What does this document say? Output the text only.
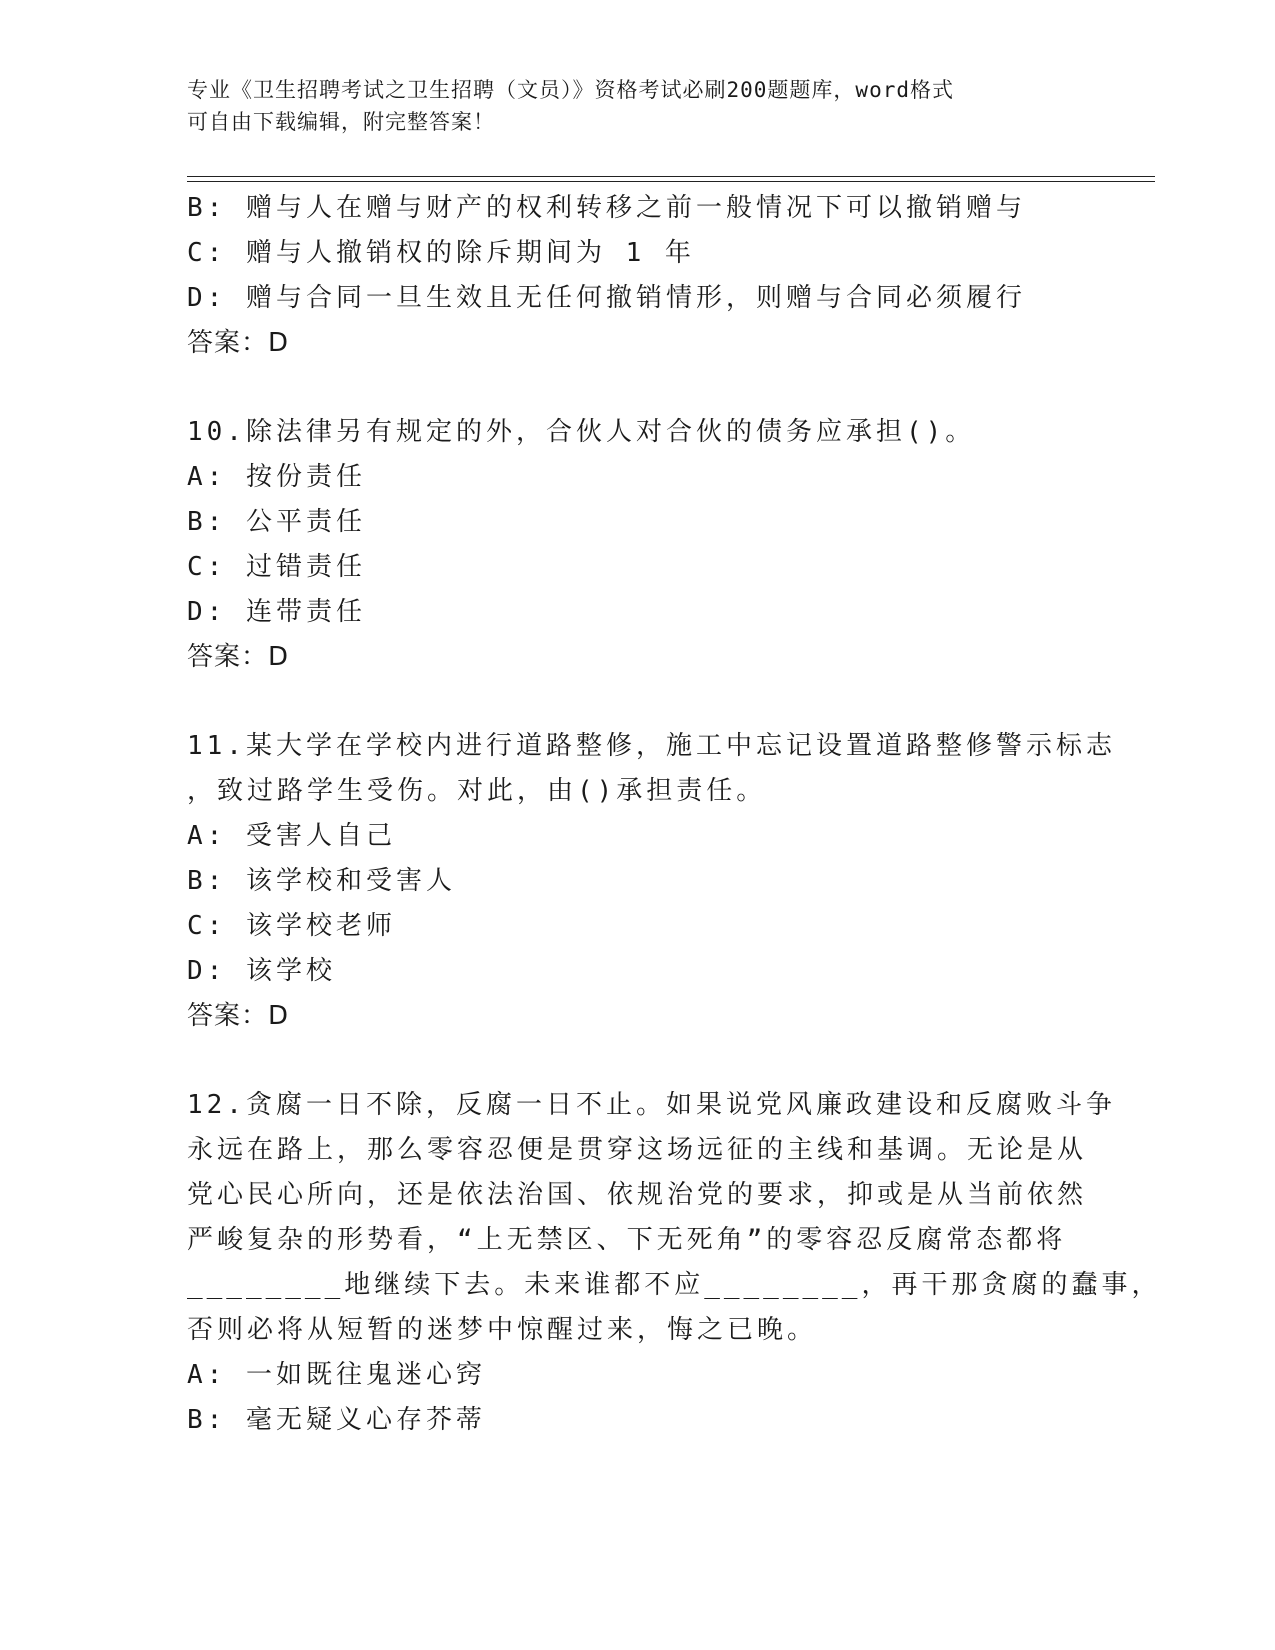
专业《卫生招聘考试之卫生招聘（文员）》资格考试必刷200题题库，word格式
可自由下载编辑，附完整答案！
B: 赠与人在赠与财产的权利转移之前一般情况下可以撤销赠与
C: 赠与人撤销权的除斥期间为 1 年
D: 赠与合同一旦生效且无任何撤销情形，则赠与合同必须履行
答案：D
10.除法律另有规定的外，合伙人对合伙的债务应承担()。
A: 按份责任
B: 公平责任
C: 过错责任
D: 连带责任
答案：D
11.某大学在学校内进行道路整修，施工中忘记设置道路整修警示标志
，致过路学生受伤。对此，由()承担责任。
A: 受害人自己
B: 该学校和受害人
C: 该学校老师
D: 该学校
答案：D
12.贪腐一日不除，反腐一日不止。如果说党风廉政建设和反腐败斗争
永远在路上，那么零容忍便是贯穿这场远征的主线和基调。无论是从
党心民心所向，还是依法治国、依规治党的要求，抑或是从当前依然
严峻复杂的形势看，“上无禁区、下无死角”的零容忍反腐常态都将
________地继续下去。未来谁都不应________，再干那贪腐的蠢事，
否则必将从短暂的迷梦中惊醒过来，悔之已晚。
A: 一如既往鬼迷心窍
B: 毫无疑义心存芥蒂
